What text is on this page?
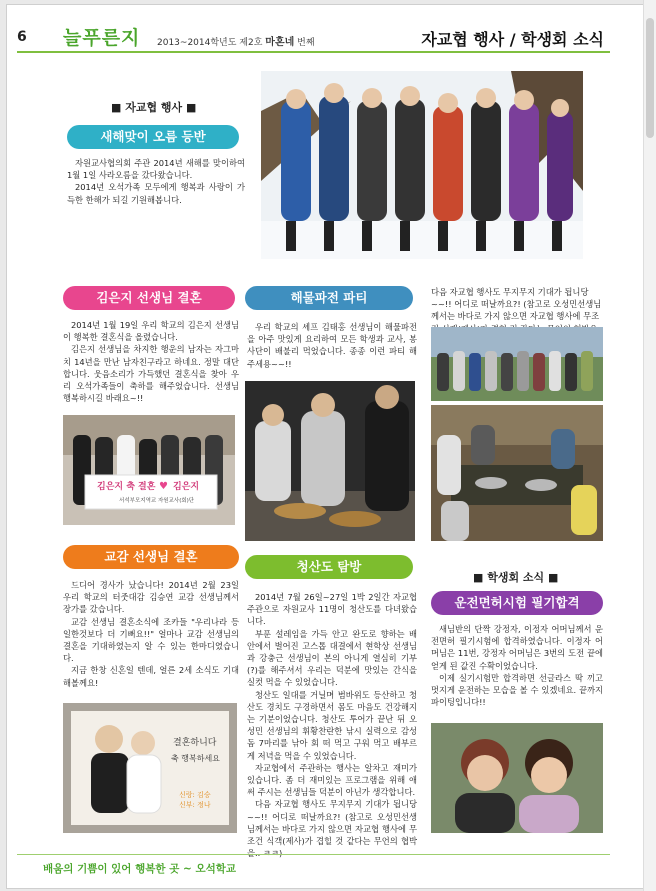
6 늘푸른지 2013~2014학년도 제2호 마혼네 번째	자교협 행사 / 학생회 소식
■ 자교협 행사 ■
새해맞이 오름 등반

자원교사협의회 주관 2014년 새해를 맞이하여 1월 1일 사라오름을 갔다왔습니다.

2014년 오석가족 모두에게 행복과 사랑이 가득한 한해가 되길 기원해봅니다.

김은지 선생님 결혼	해물파전 파티

2014년 1월 19일 우리 학교의 김은지 선생님이 행복한 결혼식을 올렸습니다.

김은지 선생님을 차지한 행운의 남자는 자그마치 14년을 만난 남자친구라고 하네요. 정말 대단합니다. 웃음소리가 가득했던 결혼식을 찾아 우리 오석가족들이 축하를 해주었습니다. 선생님 행복하시길 바래요~!!

김은지 축 결혼 ♥ 김은지
서석부모지역교 자원교사(회)단

우리 학교의 셰프 김태홍 선생님이 해물파전을 아주 맛있게 요리하여 모든 학생과 교사, 봉사단이 배불리 먹었습니다. 종종 이런 파티 해주세용~~!!

다음 자교협 행사도 무지무지 기대가 됩니당~~!! 어디로 떠날까요?! (참고로 오성민선생님께서는 바다로 가지 않으면 자교협 행사에 무조

교감 선생님 결혼
청산도 탐방

드디어 경사가 났습니다! 2014년 2월 23일 우리 학교의 터줏대감 김승연 교감 선생님께서 장가를 갔습니다.

교감 선생님 결혼소식에 조카들 "우리나라 등일한것보다 더 기뻐요!!" 얼마나 교감 선생님의 결혼을 기대하였는지 알 수 있는 한마디였습니다.

지금 한창 신혼일 텐데, 얼른 2세 소식도 기대해볼께요!

결혼하니다
축 행복하세요
신랑: 김승
신부: 정나

2014년 7월 26일~27일 1박 2일간 자교협 주관으로 자원교사 11명이 청산도를 다녀왔습니다.

부푼 설레임을 가득 안고 완도로 향하는 배 안에서 벌어진 고스톱 대결에서 현학상 선생님과 강충근 선생님이 본의 아니게 열심히 기부(?)를 해주셔서 우리는 덕분에 맛있는 간식을 실컷 먹을 수 있었습니다.

청산도 일대를 거닐며 범바위도 등산하고 청산도 경치도 구경하면서 몸도 마음도 건강해지는 기분이었습니다. 청산도 투어가 끝난 뒤 오성민 선생님의 휘황찬란한 낚시 실력으로 감성돔 7마리를 낚아 회 떠 먹고 구워 먹고 배부르게 저녁을 먹을 수 있었습니다.

자교협에서 주관하는 행사는 알차고 재미가 있습니다. 좀 더 재미있는 프로그램을 위해 애써 주시는 선생님들 덕분이 아닌가 생각합니다.

다음 자교협 행사도 무지무지 기대가 됩니당~~!! 어디로 떠날까요?! (참고로 오성민선생님께서는 바다로 가지 않으면 자교협 행사에 무조건 식객(제사)가 겹힐 것 같다는 무언의 협박

■ 학생회 소식 ■
운전면허시험 필기합격

새님반의 단짝 강정자, 이정자 어머님께서 운전면허 필기시험에 합격하였습니다. 이정자 어머님은 11번, 강정자 어머님은 3번의 도전 끝에 얻게 된 값진 수확이었습니다.

이제 실기시험만 합격하면 선글라스 딱 끼고 멋지게 운전하는 모습을 볼 수 있겠네요. 끝까지 파이팅입니다!!

배움의 기쁨이 있어 행복한 곳 ~ 오석학교
